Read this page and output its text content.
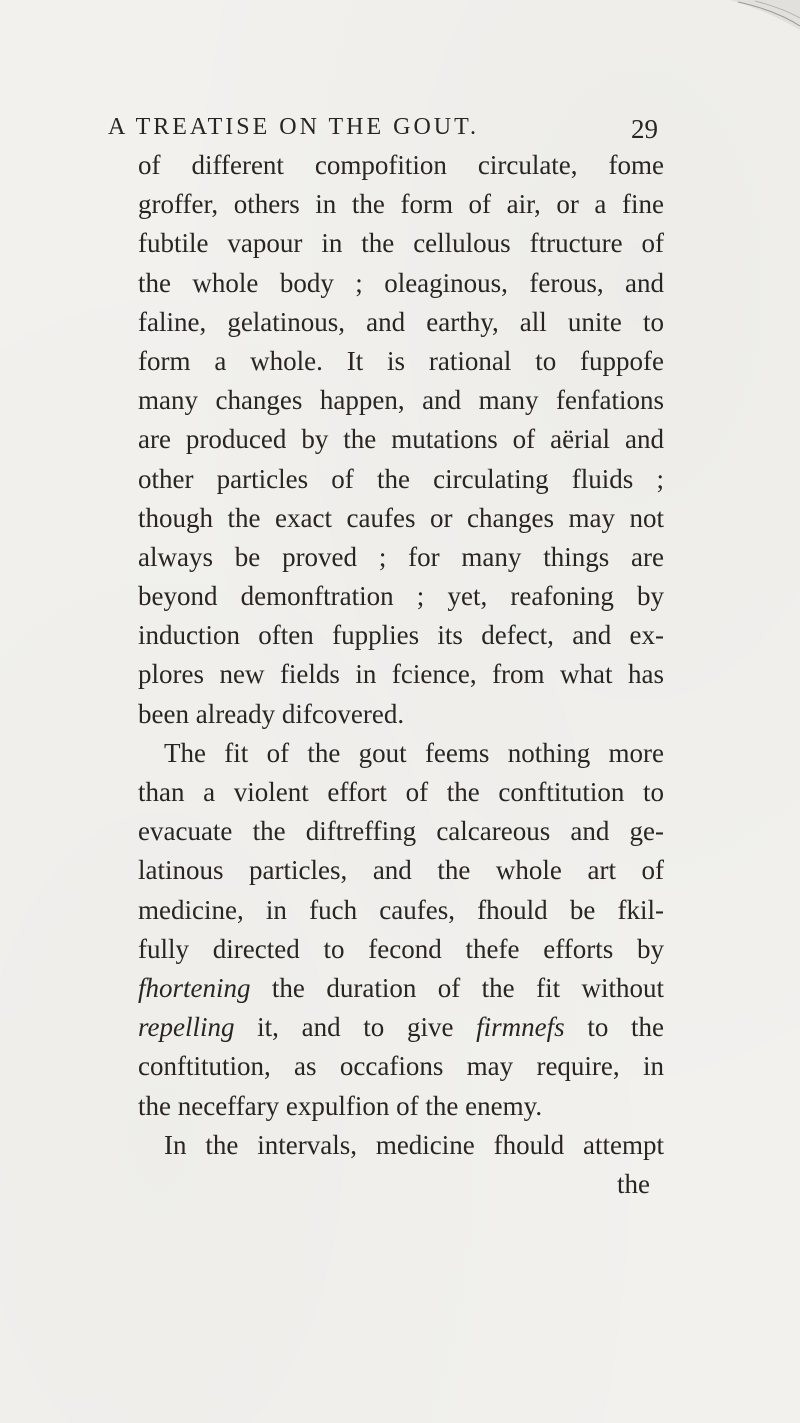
A TREATISE ON THE GOUT.	29
of different compofition circulate, fome
groffer, others in the form of air, or a fine
fubtile vapour in the cellulous ftructure of
the whole body ; oleaginous, ferous, and
faline, gelatinous, and earthy, all unite to
form a whole. It is rational to fuppofe
many changes happen, and many fenfations
are produced by the mutations of aërial and
other particles of the circulating fluids ;
though the exact caufes or changes may not
always be proved ; for many things are
beyond demonftration ; yet, reafoning by
induction often fupplies its defect, and ex-
plores new fields in fcience, from what has
been already difcovered.
The fit of the gout feems nothing more
than a violent effort of the conftitution to
evacuate the diftreffing calcareous and ge-
latinous particles, and the whole art of
medicine, in fuch caufes, fhould be fkil-
fully directed to fecond thefe efforts by
fhortening the duration of the fit without
repelling it, and to give firmnefs to the
conftitution, as occafions may require, in
the neceffary expulfion of the enemy.
In the intervals, medicine fhould attempt
the
